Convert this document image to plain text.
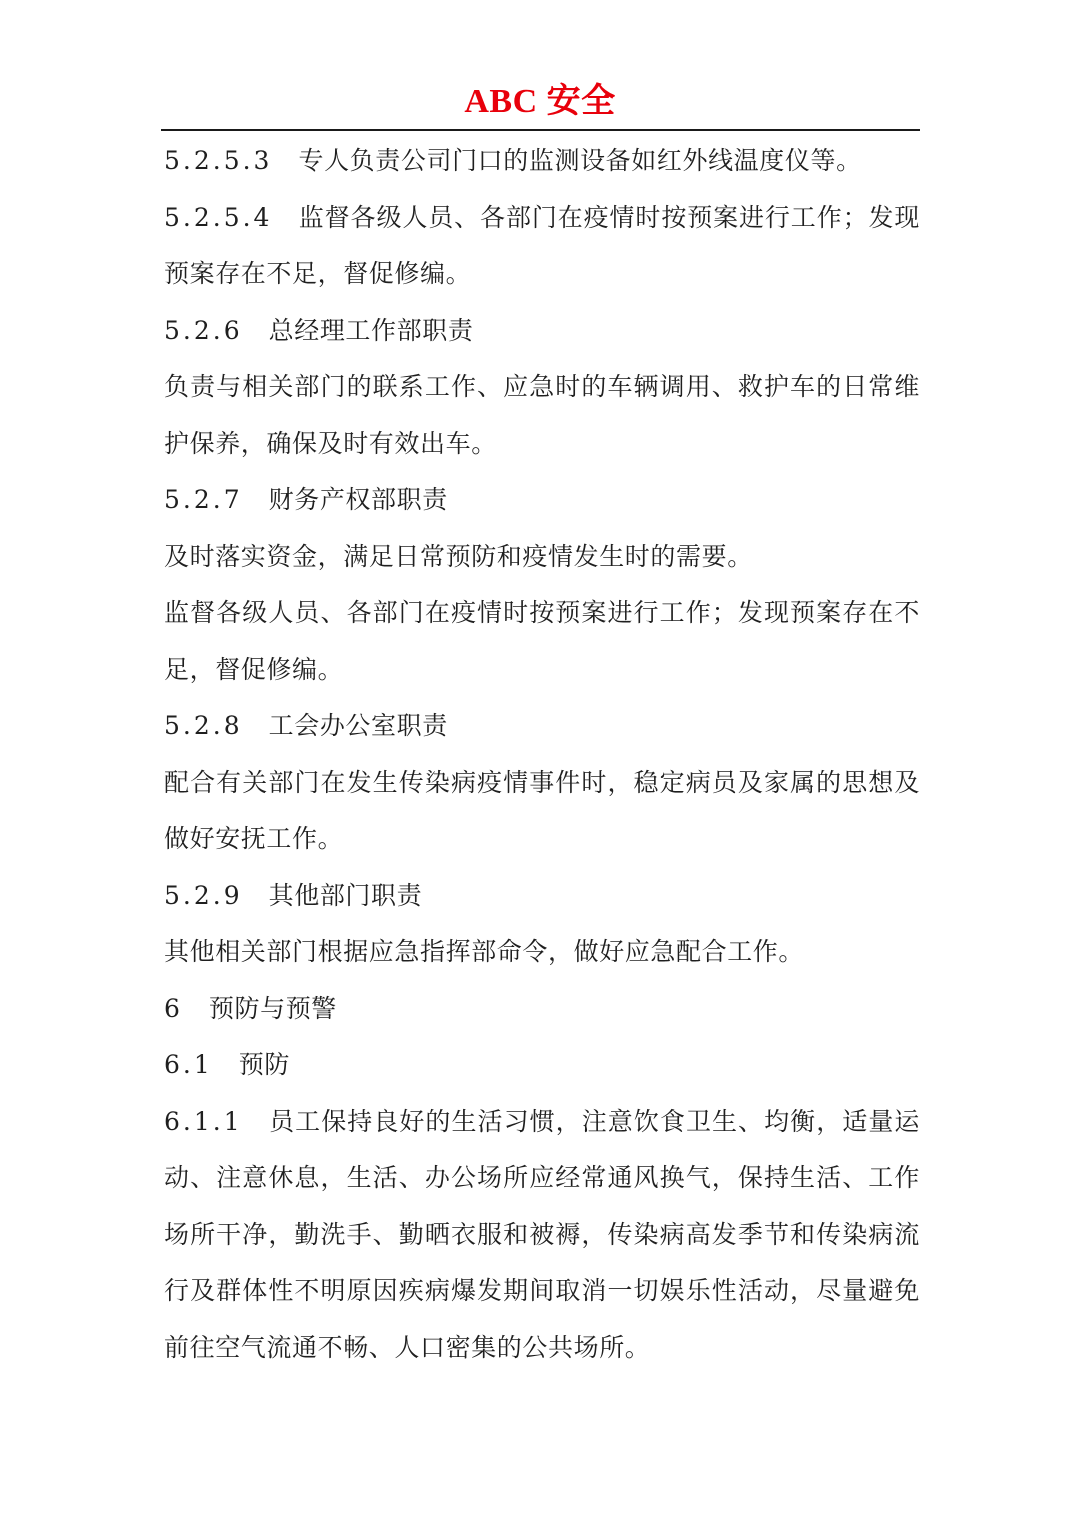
ABC 安全

5.2.5.3 专人负责公司门口的监测设备如红外线温度仪等。

5.2.5.4 监督各级人员、各部门在疫情时按预案进行工作；发现预案存在不足，督促修编。

5.2.6 总经理工作部职责

负责与相关部门的联系工作、应急时的车辆调用、救护车的日常维护保养，确保及时有效出车。

5.2.7 财务产权部职责

及时落实资金，满足日常预防和疫情发生时的需要。

监督各级人员、各部门在疫情时按预案进行工作；发现预案存在不足，督促修编。

5.2.8 工会办公室职责

配合有关部门在发生传染病疫情事件时，稳定病员及家属的思想及做好安抚工作。

5.2.9 其他部门职责

其他相关部门根据应急指挥部命令，做好应急配合工作。

6 预防与预警

6.1 预防

6.1.1 员工保持良好的生活习惯，注意饮食卫生、均衡，适量运动、注意休息，生活、办公场所应经常通风换气，保持生活、工作场所干净，勤洗手、勤晒衣服和被褥，传染病高发季节和传染病流行及群体性不明原因疾病爆发期间取消一切娱乐性活动，尽量避免前往空气流通不畅、人口密集的公共场所。
